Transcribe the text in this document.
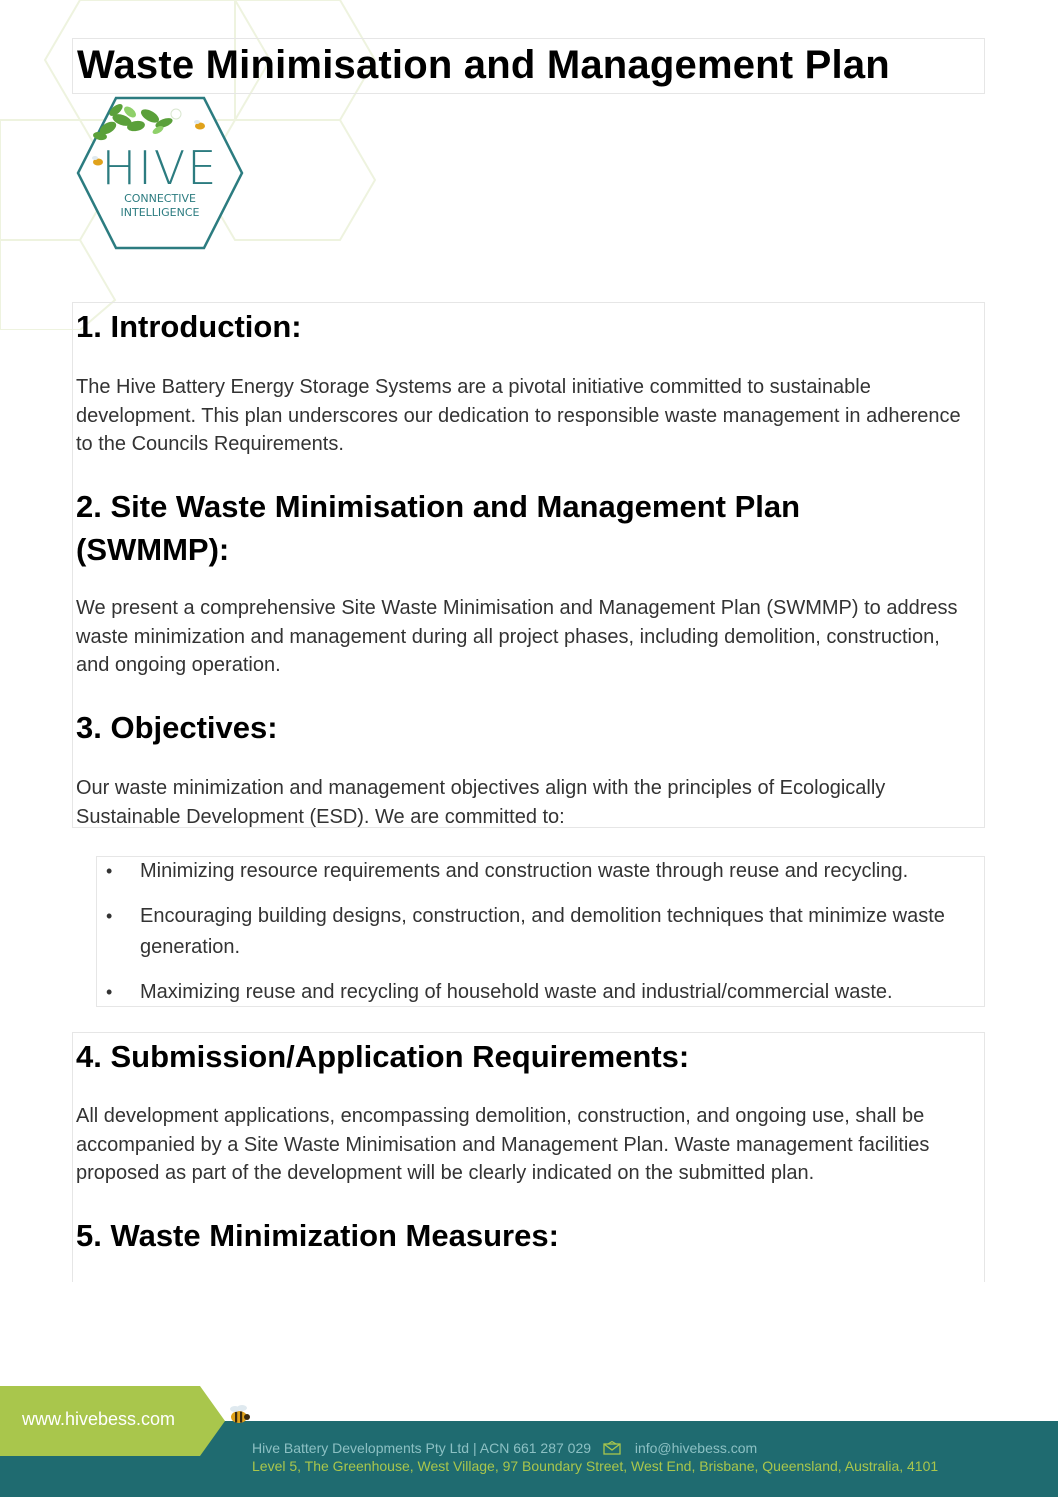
Waste Minimisation and Management Plan
HIVE
CONNECTIVE
INTELLIGENCE
1. Introduction:

The Hive Battery Energy Storage Systems are a pivotal initiative committed to sustainable development. This plan underscores our dedication to responsible waste management in adherence to the Councils Requirements.

2. Site Waste Minimisation and Management Plan (SWMMP):

We present a comprehensive Site Waste Minimisation and Management Plan (SWMMP) to address waste minimization and management during all project phases, including demolition, construction, and ongoing operation.

3. Objectives:

Our waste minimization and management objectives align with the principles of Ecologically Sustainable Development (ESD). We are committed to:

• Minimizing resource requirements and construction waste through reuse and recycling.
• Encouraging building designs, construction, and demolition techniques that minimize waste generation.
• Maximizing reuse and recycling of household waste and industrial/commercial waste.
4. Submission/Application Requirements:

All development applications, encompassing demolition, construction, and ongoing use, shall be accompanied by a Site Waste Minimisation and Management Plan. Waste management facilities proposed as part of the development will be clearly indicated on the submitted plan.

5. Waste Minimization Measures:
www.hivebess.com
Hive Battery Developments Pty Ltd | ACN 661 287 029	info@hivebess.com
Level 5, The Greenhouse, West Village, 97 Boundary Street, West End, Brisbane, Queensland, Australia, 4101
